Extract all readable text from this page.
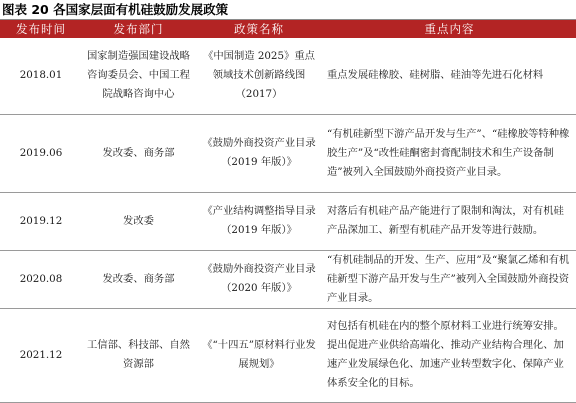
图表 20 各国家层面有机硅鼓励发展政策
发布时间	发布部门	政策名称	重点内容

2018.01	国家制造强国建设战略咨询委员会、中国工程院战略咨询中心	《中国制造 2025》重点领域技术创新路线图（2017）	重点发展硅橡胶、硅树脂、硅油等先进石化材料

2019.06	发改委、商务部	《鼓励外商投资产业目录（2019 年版）》	“有机硅新型下游产品开发与生产”、“硅橡胶等特种橡胶生产”及“改性硅酮密封膏配制技术和生产设备制造”被列入全国鼓励外商投资产业目录。

2019.12	发改委	《产业结构调整指导目录（2019 年版）》	对落后有机硅产品产能进行了限制和淘汰，对有机硅产品深加工、新型有机硅产品开发等进行鼓励。

2020.08	发改委、商务部	《鼓励外商投资产业目录（2020 年版）》	“有机硅制品的开发、生产、应用”及“聚氯乙烯和有机硅新型下游产品开发与生产”被列入全国鼓励外商投资产业目录。

2021.12	工信部、科技部、自然资源部	《“十四五”原材料行业发展规划》	对包括有机硅在内的整个原材料工业进行统筹安排。提出促进产业供给高端化、推动产业结构合理化、加速产业发展绿色化、加速产业转型数字化、保障产业体系安全化的目标。
